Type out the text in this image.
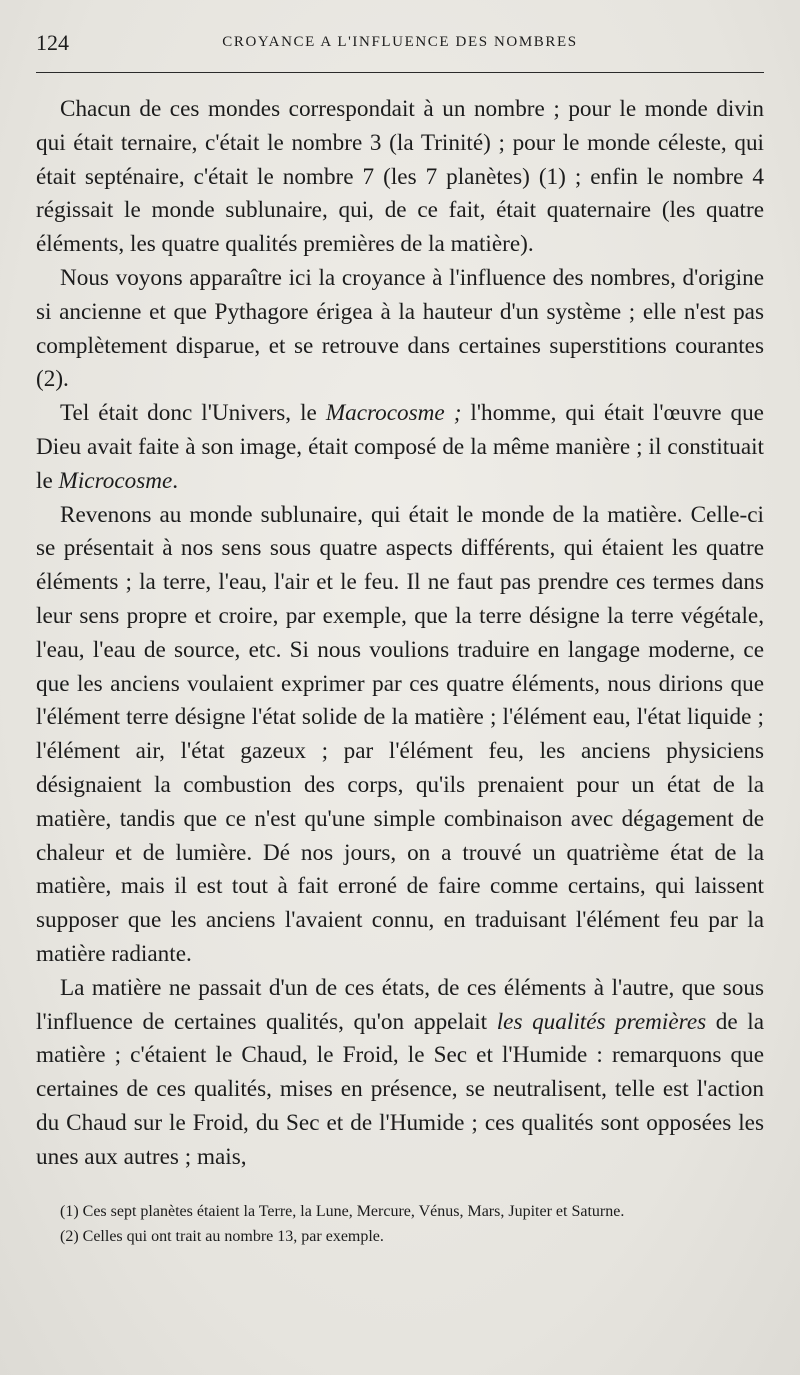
124	CROYANCE A L'INFLUENCE DES NOMBRES

Chacun de ces mondes correspondait à un nombre ; pour le monde divin qui était ternaire, c'était le nombre 3 (la Trinité) ; pour le monde céleste, qui était septénaire, c'était le nombre 7 (les 7 planètes) (1) ; enfin le nombre 4 régissait le monde sublunaire, qui, de ce fait, était quaternaire (les quatre éléments, les quatre qualités premières de la matière).

Nous voyons apparaître ici la croyance à l'influence des nombres, d'origine si ancienne et que Pythagore érigea à la hauteur d'un système ; elle n'est pas complètement disparue, et se retrouve dans certaines superstitions courantes (2).

Tel était donc l'Univers, le Macrocosme ; l'homme, qui était l'œuvre que Dieu avait faite à son image, était composé de la même manière ; il constituait le Microcosme.

Revenons au monde sublunaire, qui était le monde de la matière. Celle-ci se présentait à nos sens sous quatre aspects différents, qui étaient les quatre éléments ; la terre, l'eau, l'air et le feu. Il ne faut pas prendre ces termes dans leur sens propre et croire, par exemple, que la terre désigne la terre végétale, l'eau, l'eau de source, etc. Si nous voulions traduire en langage moderne, ce que les anciens voulaient exprimer par ces quatre éléments, nous dirions que l'élément terre désigne l'état solide de la matière ; l'élément eau, l'état liquide ; l'élément air, l'état gazeux ; par l'élément feu, les anciens physiciens désignaient la combustion des corps, qu'ils prenaient pour un état de la matière, tandis que ce n'est qu'une simple combinaison avec dégagement de chaleur et de lumière. Dé nos jours, on a trouvé un quatrième état de la matière, mais il est tout à fait erroné de faire comme certains, qui laissent supposer que les anciens l'avaient connu, en traduisant l'élément feu par la matière radiante.

La matière ne passait d'un de ces états, de ces éléments à l'autre, que sous l'influence de certaines qualités, qu'on appelait les qualités premières de la matière ; c'étaient le Chaud, le Froid, le Sec et l'Humide : remarquons que certaines de ces qualités, mises en présence, se neutralisent, telle est l'action du Chaud sur le Froid, du Sec et de l'Humide ; ces qualités sont opposées les unes aux autres ; mais,

(1) Ces sept planètes étaient la Terre, la Lune, Mercure, Vénus, Mars, Jupiter et Saturne.

(2) Celles qui ont trait au nombre 13, par exemple.
